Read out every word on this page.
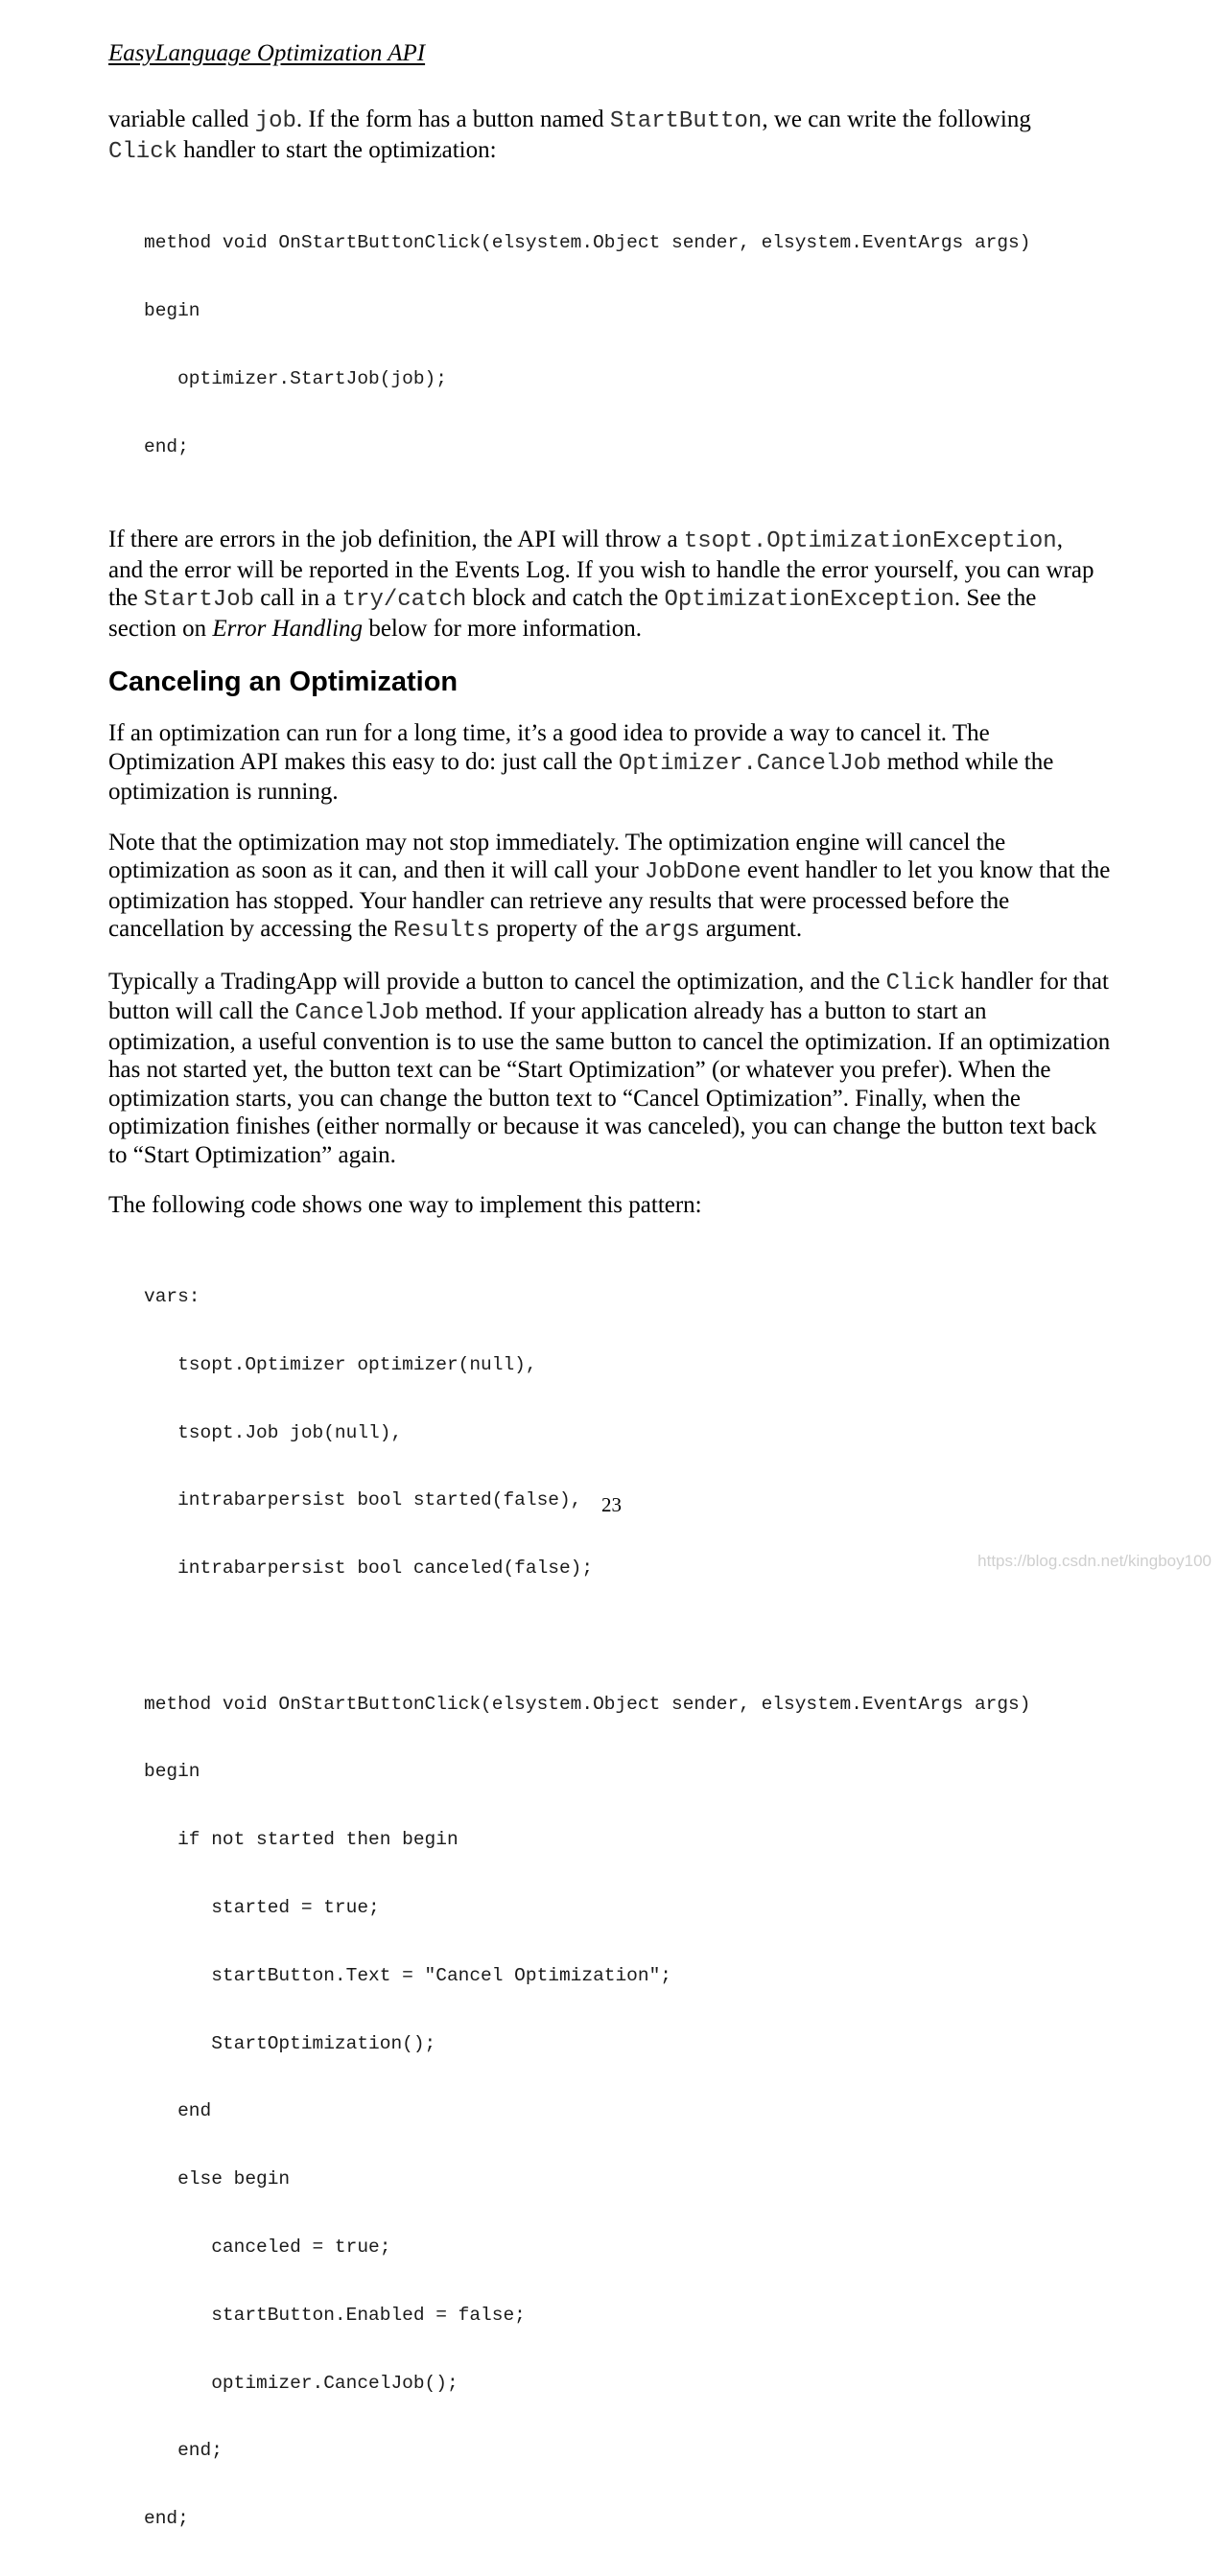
EasyLanguage Optimization API

variable called job. If the form has a button named StartButton, we can write the following

Click handler to start the optimization:

method void OnStartButtonClick(elsystem.Object sender, elsystem.EventArgs args)

begin

optimizer.StartJob(job);

end;

If there are errors in the job definition, the API will throw a tsopt.OptimizationException,

and the error will be reported in the Events Log. If you wish to handle the error yourself, you can wrap

the StartJob call in a try/catch block and catch the OptimizationException. See the

section on Error Handling below for more information.

Canceling an Optimization

If an optimization can run for a long time, it’s a good idea to provide a way to cancel it. The

Optimization API makes this easy to do: just call the Optimizer.CancelJob method while the

optimization is running.

Note that the optimization may not stop immediately. The optimization engine will cancel the

optimization as soon as it can, and then it will call your JobDone event handler to let you know that the

optimization has stopped. Your handler can retrieve any results that were processed before the

cancellation by accessing the Results property of the args argument.

Typically a TradingApp will provide a button to cancel the optimization, and the Click handler for that

button will call the CancelJob method. If your application already has a button to start an

optimization, a useful convention is to use the same button to cancel the optimization. If an optimization

has not started yet, the button text can be “Start Optimization” (or whatever you prefer). When the

optimization starts, you can change the button text to “Cancel Optimization”. Finally, when the

optimization finishes (either normally or because it was canceled), you can change the button text back

to “Start Optimization” again.

The following code shows one way to implement this pattern:

vars:

tsopt.Optimizer optimizer(null),

tsopt.Job job(null),

intrabarpersist bool started(false),

intrabarpersist bool canceled(false);

method void OnStartButtonClick(elsystem.Object sender, elsystem.EventArgs args)

begin

if not started then begin

started = true;

startButton.Text = "Cancel Optimization";

StartOptimization();

end

else begin

canceled = true;

startButton.Enabled = false;

optimizer.CancelJob();

end;

end;

23
https://blog.csdn.net/kingboy100
